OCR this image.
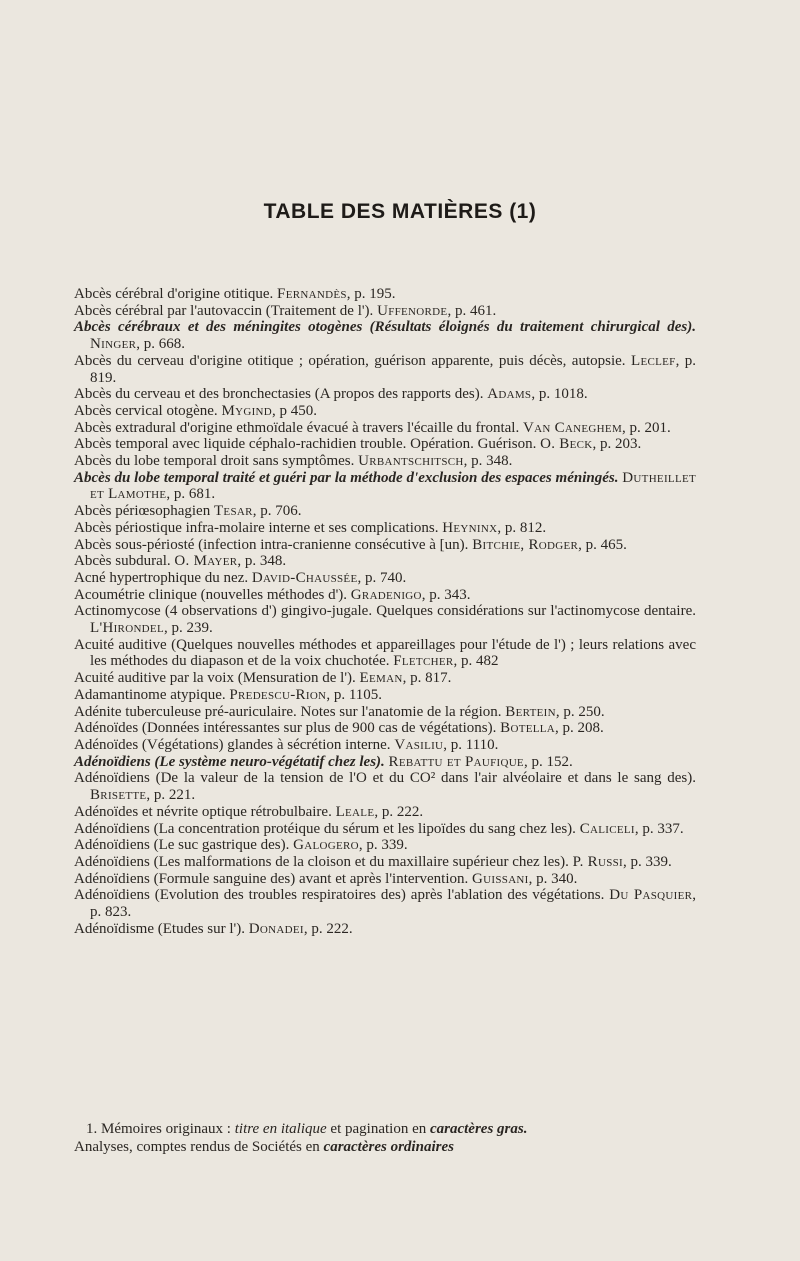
TABLE DES MATIÈRES (1)
Abcès cérébral d'origine otitique. Fernandès, p. 195.
Abcès cérébral par l'autovaccin (Traitement de l'). Uffenorde, p. 461.
Abcès cérébraux et des méningites otogènes (Résultats éloignés du traitement chirurgical des). Ninger, p. 668.
Abcès du cerveau d'origine otitique ; opération, guérison apparente, puis décès, autopsie. Leclef, p. 819.
Abcès du cerveau et des bronchectasies (A propos des rapports des). Adams, p. 1018.
Abcès cervical otogène. Mygind, p 450.
Abcès extradural d'origine ethmoïdale évacué à travers l'écaille du frontal. Van Caneghem, p. 201.
Abcès temporal avec liquide céphalo-rachidien trouble. Opération. Guérison. O. Beck, p. 203.
Abcès du lobe temporal droit sans symptômes. Urbantschitsch, p. 348.
Abcès du lobe temporal traité et guéri par la méthode d'exclusion des espaces méningés. Dutheillet et Lamothe, p. 681.
Abcès périœsophagien Tesar, p. 706.
Abcès périostique infra-molaire interne et ses complications. Heyninx, p. 812.
Abcès sous-périosté (infection intra-cranienne consécutive à [un). Bitchie, Rodger, p. 465.
Abcès subdural. O. Mayer, p. 348.
Acné hypertrophique du nez. David-Chaussée, p. 740.
Acoumétrie clinique (nouvelles méthodes d'). Gradenigo, p. 343.
Actinomycose (4 observations d') gingivo-jugale. Quelques considérations sur l'actinomycose dentaire. L'Hirondel, p. 239.
Acuité auditive (Quelques nouvelles méthodes et appareillages pour l'étude de l') ; leurs relations avec les méthodes du diapason et de la voix chuchotée. Fletcher, p. 482
Acuité auditive par la voix (Mensuration de l'). Eeman, p. 817.
Adamantinome atypique. Predescu-Rion, p. 1105.
Adénite tuberculeuse pré-auriculaire. Notes sur l'anatomie de la région. Bertein, p. 250.
Adénoïdes (Données intéressantes sur plus de 900 cas de végétations). Botella, p. 208.
Adénoïdes (Végétations) glandes à sécrétion interne. Vasiliu, p. 1110.
Adénoïdiens (Le système neuro-végétatif chez les). Rebattu et Paufique, p. 152.
Adénoïdiens (De la valeur de la tension de l'O et du CO² dans l'air alvéolaire et dans le sang des). Brisette, p. 221.
Adénoïdes et névrite optique rétrobulbaire. Leale, p. 222.
Adénoïdiens (La concentration protéique du sérum et les lipoïdes du sang chez les). Caliceli, p. 337.
Adénoïdiens (Le suc gastrique des). Galogero, p. 339.
Adénoïdiens (Les malformations de la cloison et du maxillaire supérieur chez les). P. Russi, p. 339.
Adénoïdiens (Formule sanguine des) avant et après l'intervention. Guissani, p. 340.
Adénoïdiens (Evolution des troubles respiratoires des) après l'ablation des végétations. Du Pasquier, p. 823.
Adénoïdisme (Etudes sur l'). Donadei, p. 222.
1. Mémoires originaux : titre en italique et pagination en caractères gras.
Analyses, comptes rendus de Sociétés en caractères ordinaires
